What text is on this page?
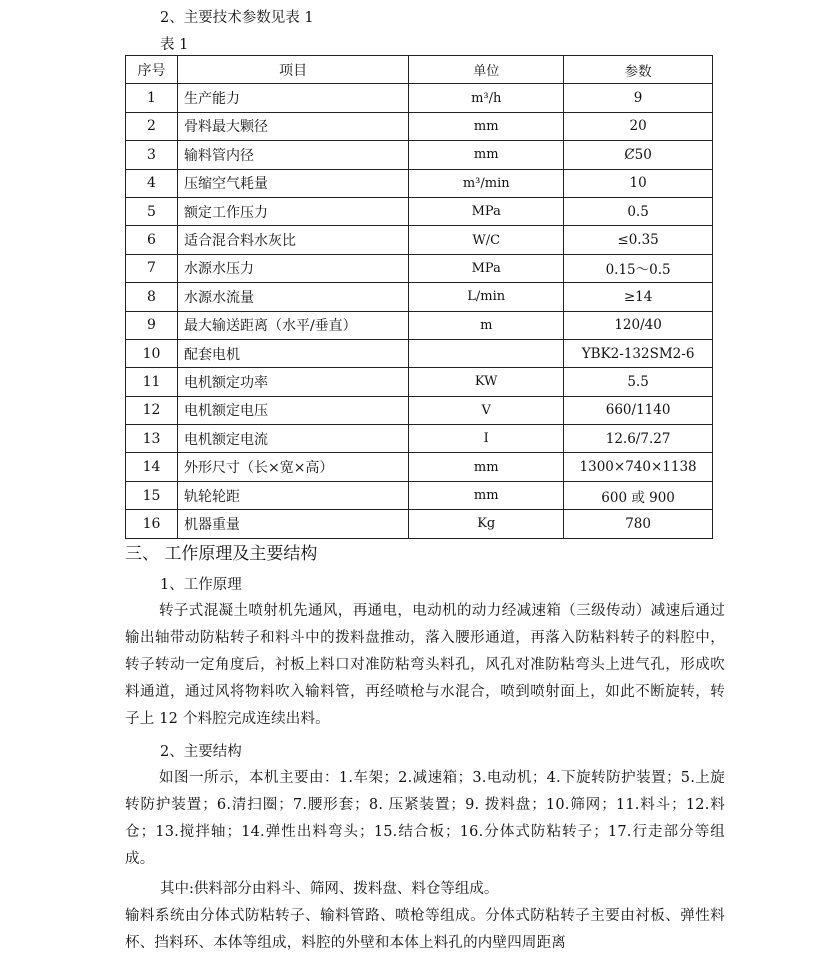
2、主要技术参数见表 1
表 1
序号	项目	单位	参数
1	生产能力	m³/h	9
2	骨料最大颗径	mm	20
3	输料管内径	mm	Ȼ50
4	压缩空气耗量	m³/min	10
5	额定工作压力	MPa	0.5
6	适合混合料水灰比	W/C	≤0.35
7	水源水压力	MPa	0.15～0.5
8	水源水流量	L/min	≥14
9	最大输送距离（水平/垂直）	m	120/40
10	配套电机		YBK2-132SM2-6
11	电机额定功率	KW	5.5
12	电机额定电压	V	660/1140
13	电机额定电流	I	12.6/7.27
14	外形尺寸（长×宽×高）	mm	1300×740×1138
15	轨轮轮距	mm	600 或 900
16	机器重量	Kg	780
三、 工作原理及主要结构
1、工作原理

转子式混凝土喷射机先通风，再通电，电动机的动力经减速箱（三级传动）减速后通过输出轴带动防粘转子和料斗中的拨料盘推动，落入腰形通道，再落入防粘料转子的料腔中，转子转动一定角度后，衬板上料口对准防粘弯头料孔，风孔对准防粘弯头上进气孔，形成吹料通道，通过风将物料吹入输料管，再经喷枪与水混合，喷到喷射面上，如此不断旋转，转子上 12 个料腔完成连续出料。

2、主要结构

如图一所示，本机主要由：1.车架；2.减速箱；3.电动机；4.下旋转防护装置；5.上旋转防护装置；6.清扫圈；7.腰形套；8. 压紧装置；9. 拨料盘；10.筛网；11.料斗；12.料仓；13.搅拌轴；14.弹性出料弯头；15.结合板；16.分体式防粘转子；17.行走部分等组成。

其中:供料部分由料斗、筛网、拨料盘、料仓等组成。

输料系统由分体式防粘转子、输料管路、喷枪等组成。分体式防粘转子主要由衬板、弹性料杯、挡料环、本体等组成，料腔的外壁和本体上料孔的内壁四周距离
